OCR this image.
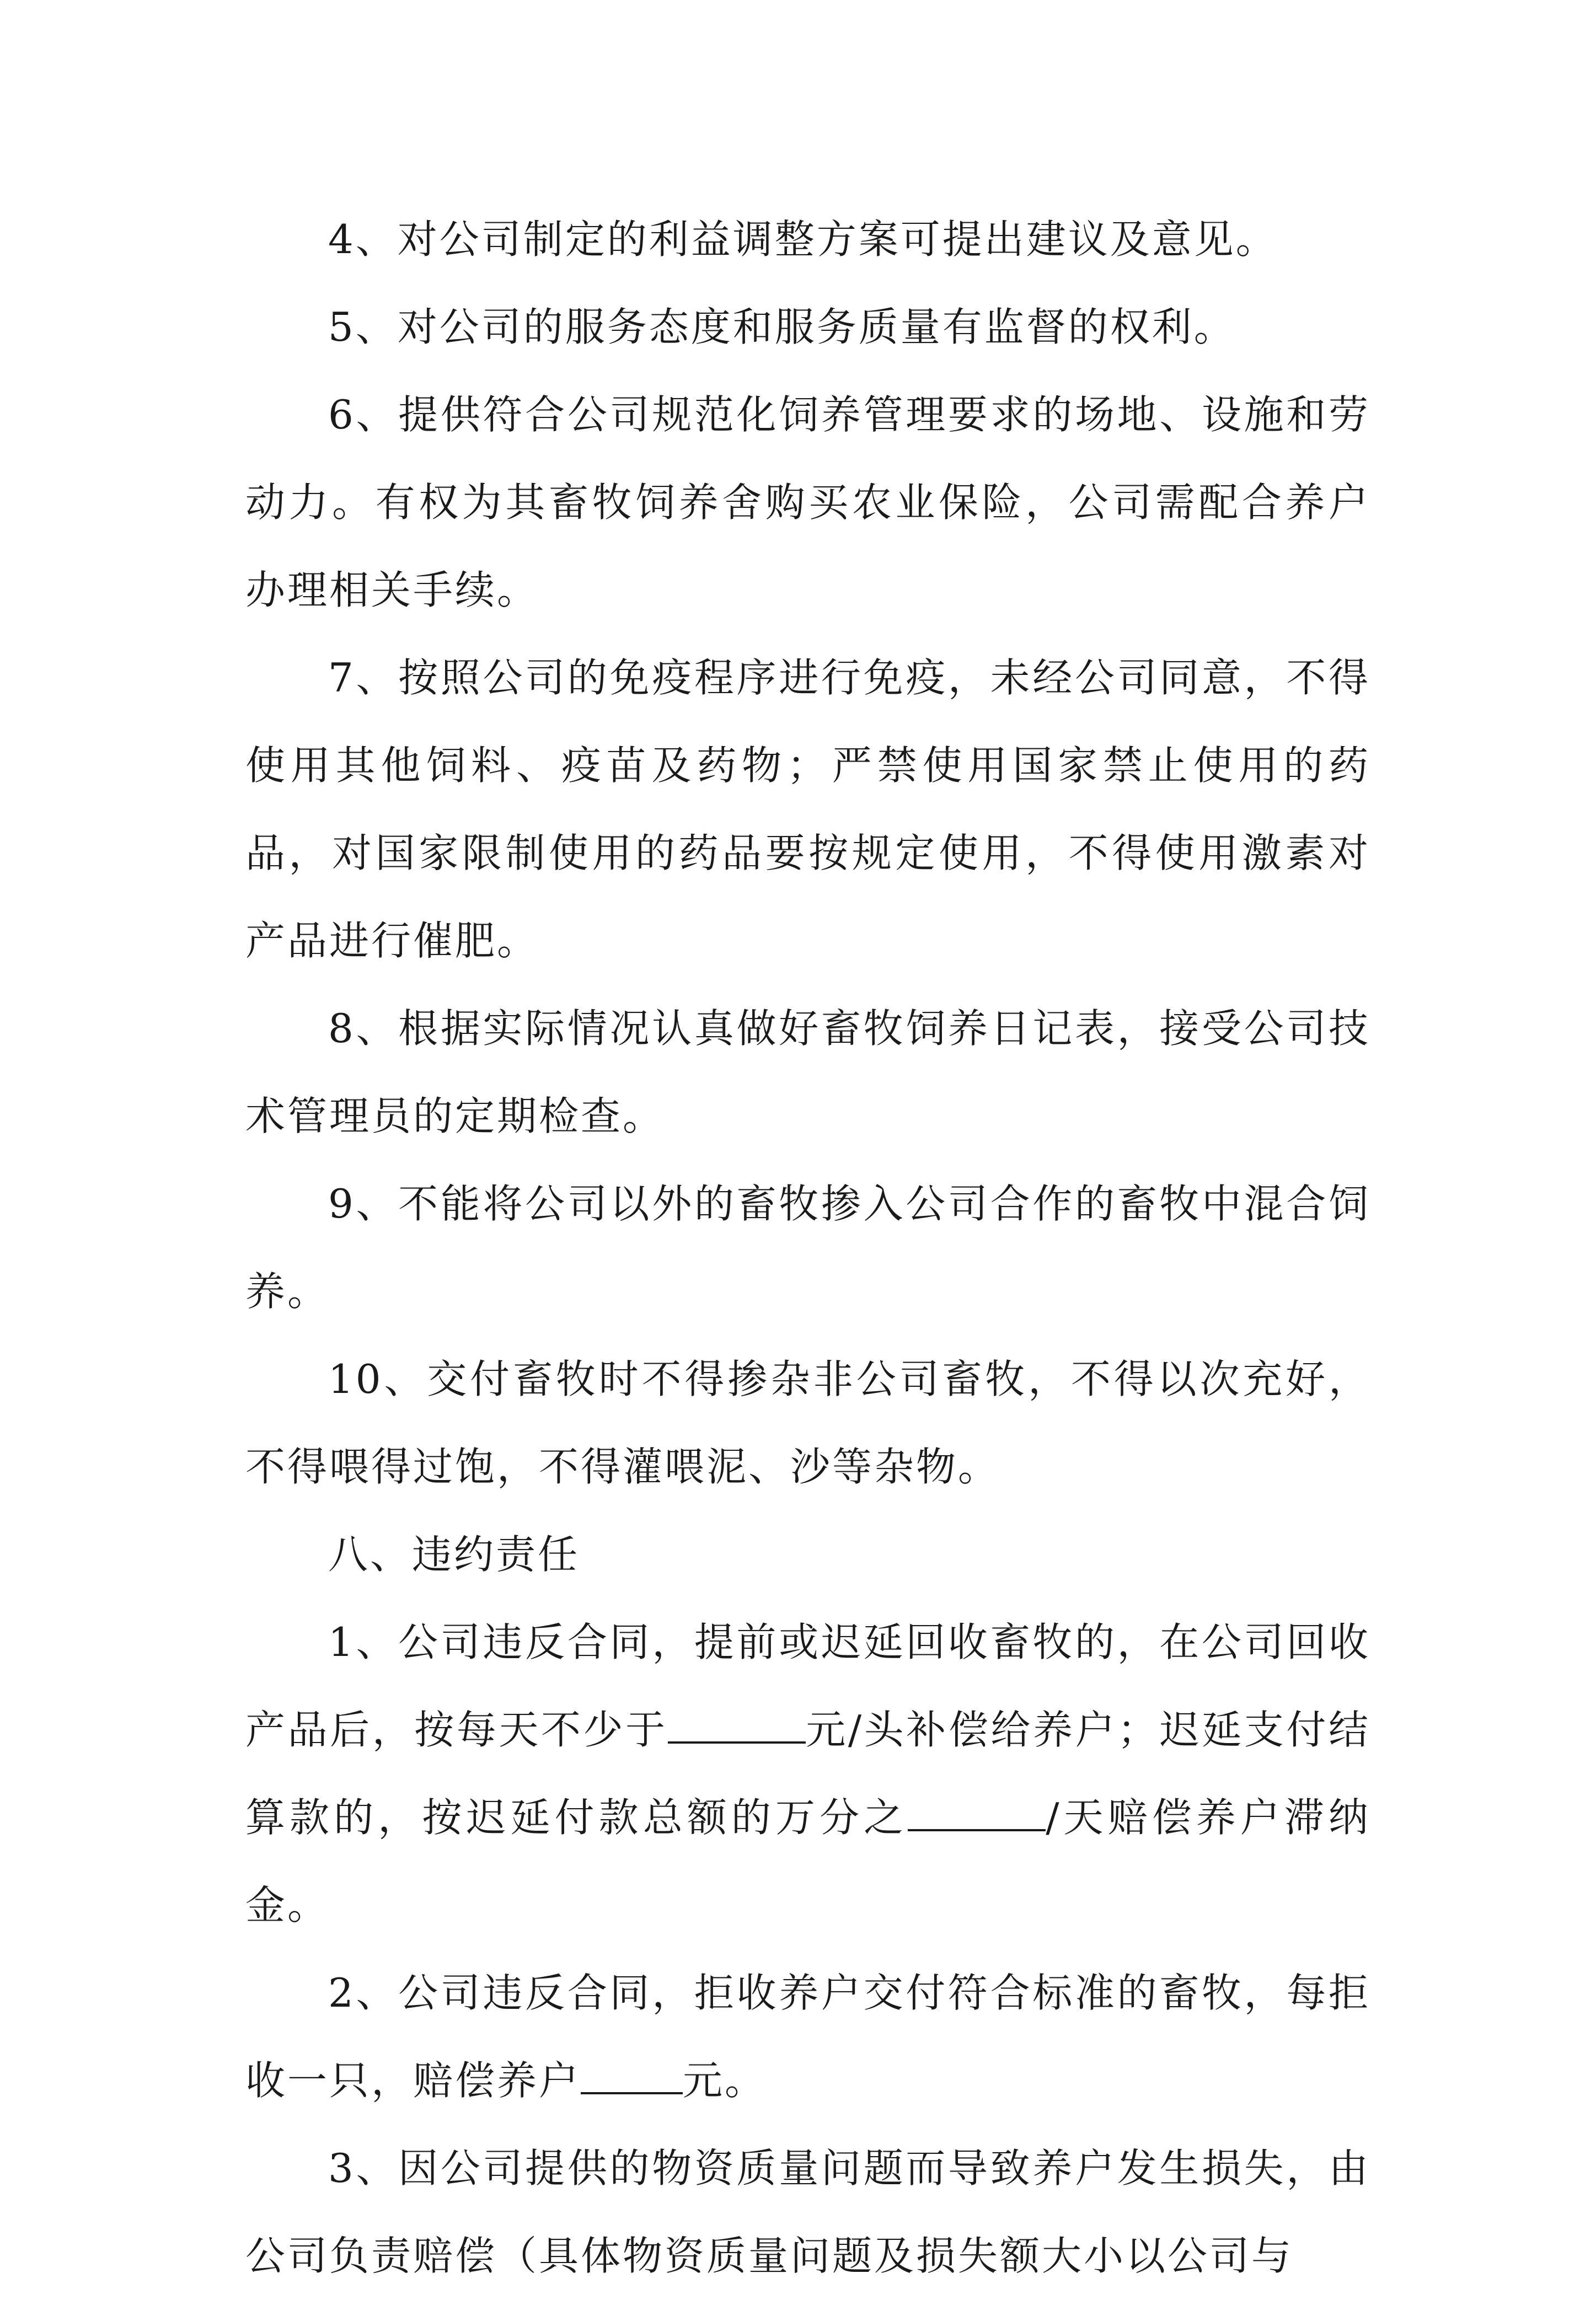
4、对公司制定的利益调整方案可提出建议及意见。

5、对公司的服务态度和服务质量有监督的权利。

6、提供符合公司规范化饲养管理要求的场地、设施和劳动力。有权为其畜牧饲养舍购买农业保险，公司需配合养户办理相关手续。

7、按照公司的免疫程序进行免疫，未经公司同意，不得使用其他饲料、疫苗及药物；严禁使用国家禁止使用的药品，对国家限制使用的药品要按规定使用，不得使用激素对产品进行催肥。

8、根据实际情况认真做好畜牧饲养日记表，接受公司技术管理员的定期检查。

9、不能将公司以外的畜牧掺入公司合作的畜牧中混合饲养。

10、交付畜牧时不得掺杂非公司畜牧，不得以次充好，不得喂得过饱，不得灌喂泥、沙等杂物。

八、违约责任

1、公司违反合同，提前或迟延回收畜牧的，在公司回收产品后，按每天不少于	元/头补偿给养户；迟延支付结算款的，按迟延付款总额的万分之	/天赔偿养户滞纳金。

2、公司违反合同，拒收养户交付符合标准的畜牧，每拒收一只，赔偿养户	元。

3、因公司提供的物资质量问题而导致养户发生损失，由公司负责赔偿（具体物资质量问题及损失额大小以公司与
